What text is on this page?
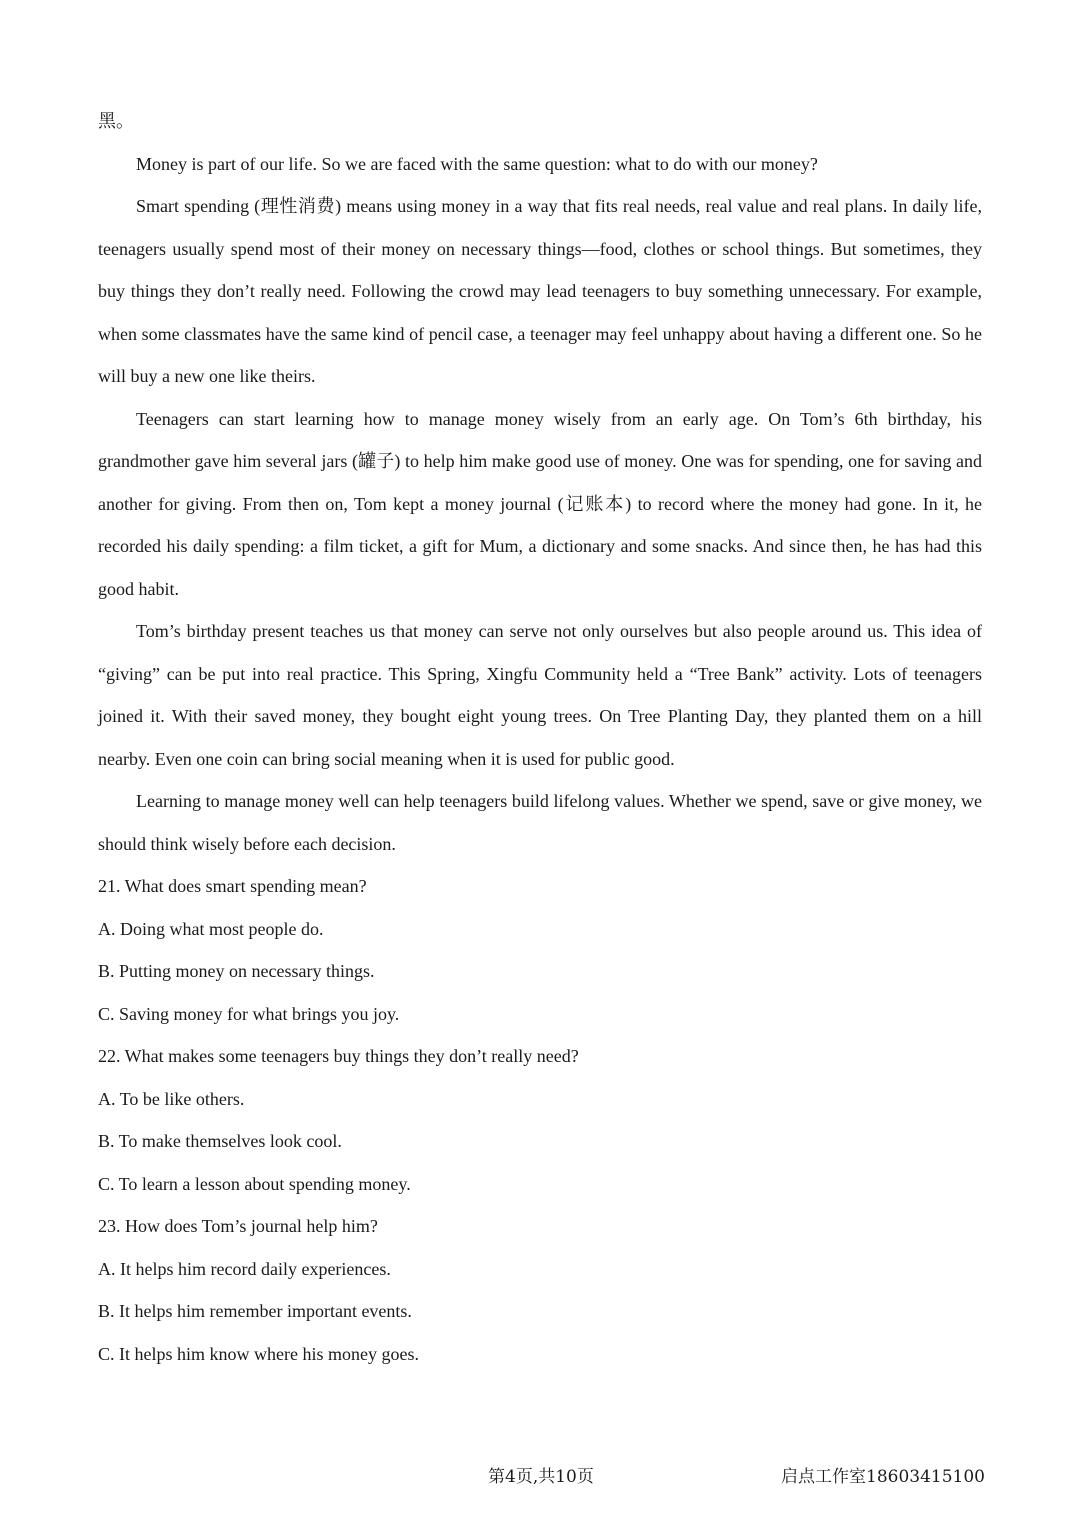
黑。

Money is part of our life. So we are faced with the same question: what to do with our money?

Smart spending (理性消费) means using money in a way that fits real needs, real value and real plans. In daily life, teenagers usually spend most of their money on necessary things—food, clothes or school things. But sometimes, they buy things they don’t really need. Following the crowd may lead teenagers to buy something unnecessary. For example, when some classmates have the same kind of pencil case, a teenager may feel unhappy about having a different one. So he will buy a new one like theirs.

Teenagers can start learning how to manage money wisely from an early age. On Tom’s 6th birthday, his grandmother gave him several jars (罐子) to help him make good use of money. One was for spending, one for saving and another for giving. From then on, Tom kept a money journal (记账本) to record where the money had gone. In it, he recorded his daily spending: a film ticket, a gift for Mum, a dictionary and some snacks. And since then, he has had this good habit.

Tom’s birthday present teaches us that money can serve not only ourselves but also people around us. This idea of “giving” can be put into real practice. This Spring, Xingfu Community held a “Tree Bank” activity. Lots of teenagers joined it. With their saved money, they bought eight young trees. On Tree Planting Day, they planted them on a hill nearby. Even one coin can bring social meaning when it is used for public good.

Learning to manage money well can help teenagers build lifelong values. Whether we spend, save or give money, we should think wisely before each decision.

21. What does smart spending mean?

A. Doing what most people do.

B. Putting money on necessary things.

C. Saving money for what brings you joy.

22. What makes some teenagers buy things they don’t really need?

A. To be like others.

B. To make themselves look cool.

C. To learn a lesson about spending money.

23. How does Tom’s journal help him?

A. It helps him record daily experiences.

B. It helps him remember important events.

C. It helps him know where his money goes.

第4页,共10页	启点工作室18603415100
